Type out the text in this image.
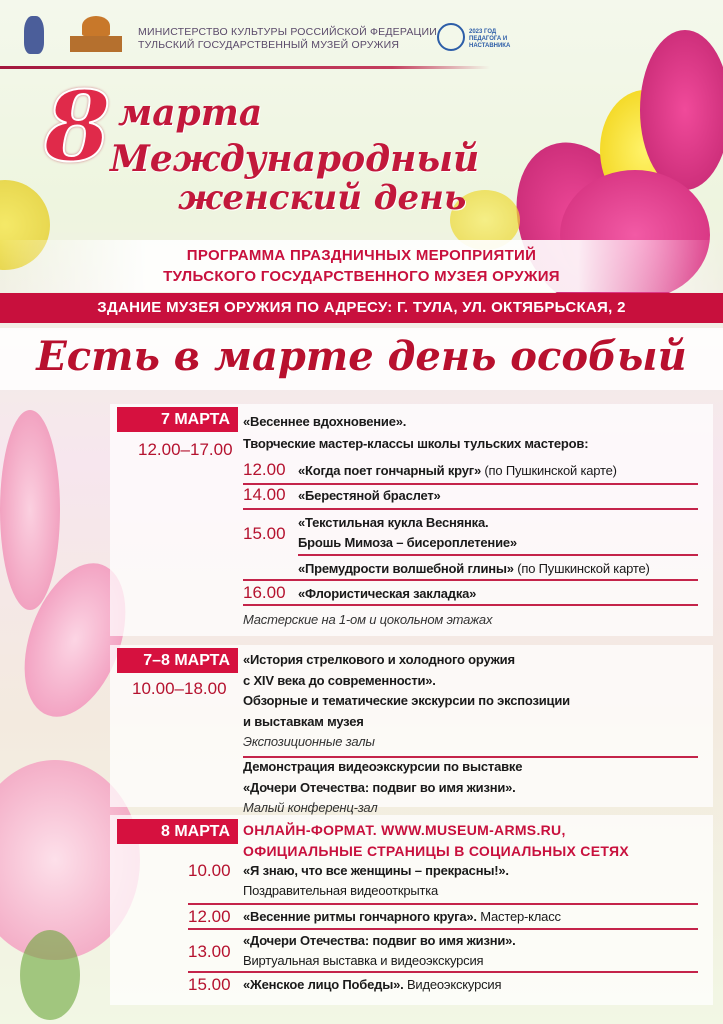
МИНИСТЕРСТВО КУЛЬТУРЫ РОССИЙСКОЙ ФЕДЕРАЦИИ
ТУЛЬСКИЙ ГОСУДАРСТВЕННЫЙ МУЗЕЙ ОРУЖИЯ
2023 ГОД ПЕДАГОГА И НАСТАВНИКА
8 марта
Международный
женский день
ПРОГРАММА ПРАЗДНИЧНЫХ МЕРОПРИЯТИЙ
ТУЛЬСКОГО ГОСУДАРСТВЕННОГО МУЗЕЯ ОРУЖИЯ
ЗДАНИЕ МУЗЕЯ ОРУЖИЯ ПО АДРЕСУ: Г. ТУЛА, УЛ. ОКТЯБРЬСКАЯ, 2
Есть в марте день особый
7 МАРТА
12.00–17.00
«Весеннее вдохновение».
Творческие мастер-классы школы тульских мастеров:
12.00 «Когда поет гончарный круг» (по Пушкинской карте)
14.00 «Берестяной браслет»
15.00
«Текстильная кукла Веснянка.
Брошь Мимоза – бисероплетение»
«Премудрости волшебной глины» (по Пушкинской карте)
16.00 «Флористическая закладка»
Мастерские на 1-ом и цокольном этажах
7–8 МАРТА
10.00–18.00
«История стрелкового и холодного оружия
с XIV века до современности».
Обзорные и тематические экскурсии по экспозиции
и выставкам музея
Экспозиционные залы
Демонстрация видеоэкскурсии по выставке
«Дочери Отечества: подвиг во имя жизни».
Малый конференц-зал
8 МАРТА ОНЛАЙН-ФОРМАТ. WWW.MUSEUM-ARMS.RU,
ОФИЦИАЛЬНЫЕ СТРАНИЦЫ В СОЦИАЛЬНЫХ СЕТЯХ
10.00 «Я знаю, что все женщины – прекрасны!».
Поздравительная видеооткрытка
12.00 «Весенние ритмы гончарного круга». Мастер-класс
13.00
«Дочери Отечества: подвиг во имя жизни».
Виртуальная выставка и видеоэкскурсия
15.00 «Женское лицо Победы». Видеоэкскурсия
